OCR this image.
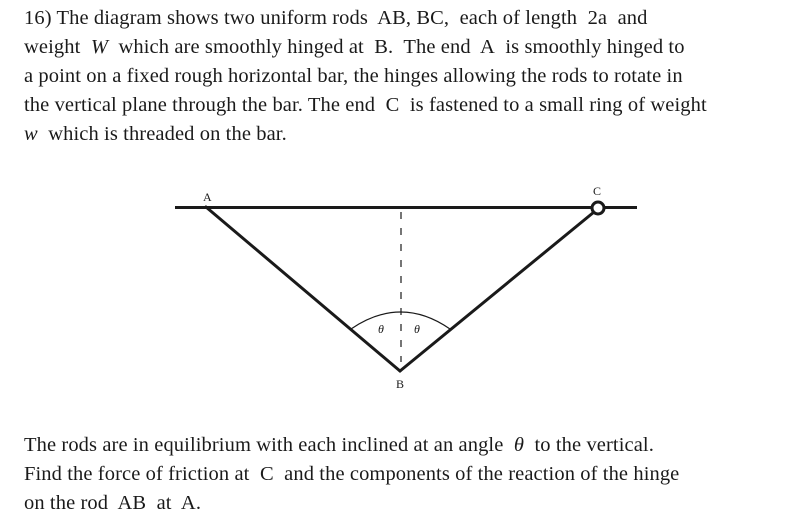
16) The diagram shows two uniform rods AB, BC, each of length 2a and
weight W which are smoothly hinged at B. The end A is smoothly hinged to
a point on a fixed rough horizontal bar, the hinges allowing the rods to rotate in
the vertical plane through the bar. The end C is fastened to a small ring of weight
w which is threaded on the bar.
A	C
B
θ	θ
The rods are in equilibrium with each inclined at an angle θ to the vertical.
Find the force of friction at C and the components of the reaction of the hinge
on the rod AB at A.
